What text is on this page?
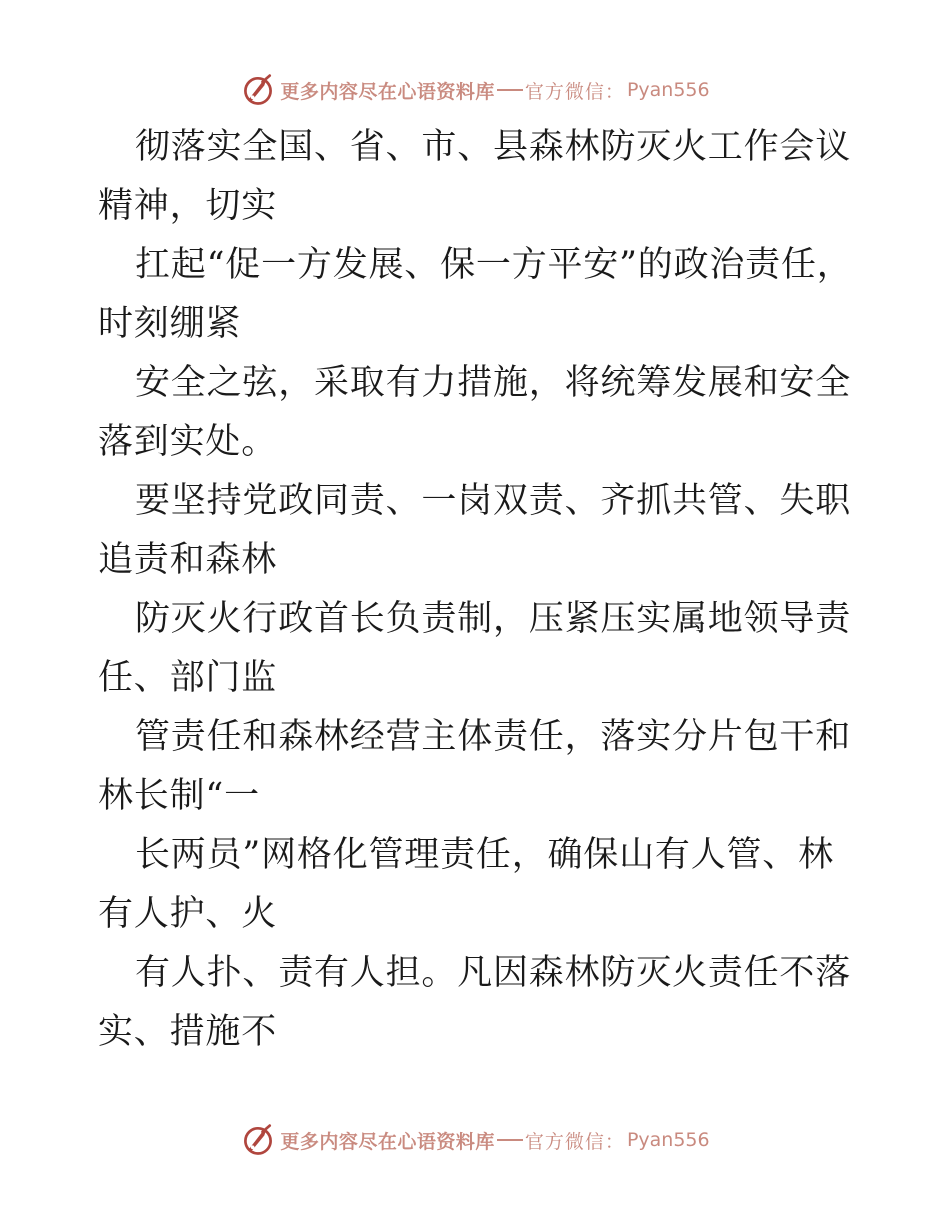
更多内容尽在心语资料库 官方微信： Pyan556

彻落实全国、省、市、县森林防灭火工作会议精神，切实

扛起“促一方发展、保一方平安”的政治责任，时刻绷紧

安全之弦，采取有力措施，将统筹发展和安全落到实处。

要坚持党政同责、一岗双责、齐抓共管、失职追责和森林

防灭火行政首长负责制，压紧压实属地领导责任、部门监

管责任和森林经营主体责任，落实分片包干和林长制“一

长两员”网格化管理责任，确保山有人管、林有人护、火

有人扑、责有人担。凡因森林防灭火责任不落实、措施不

更多内容尽在心语资料库 官方微信： Pyan556
